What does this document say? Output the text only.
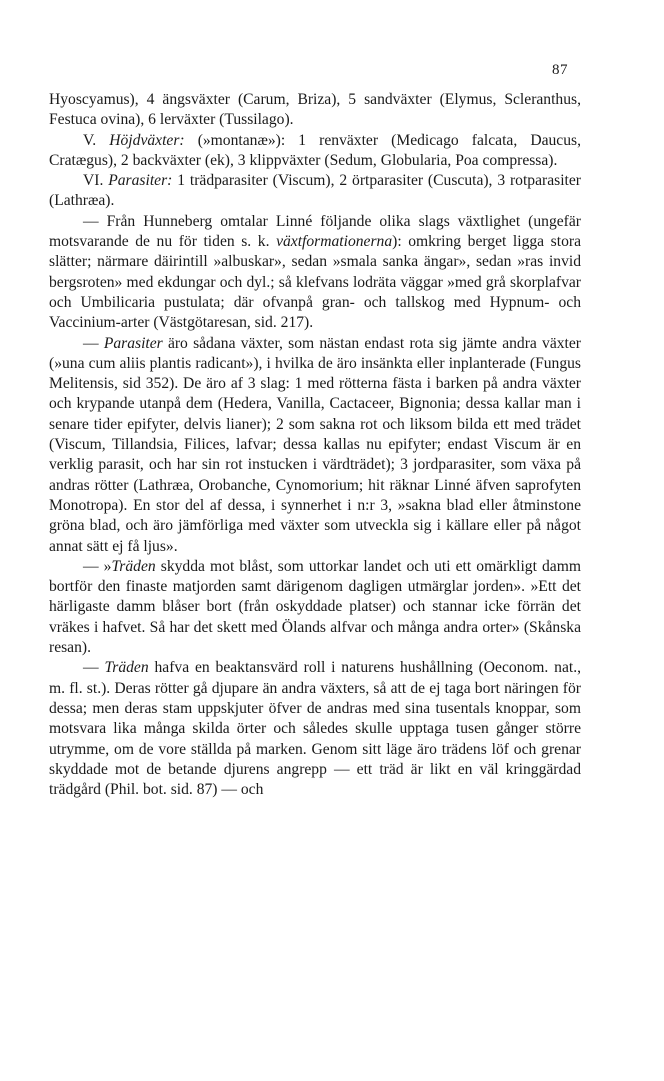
87

Hyoscyamus), 4 ängsväxter (Carum, Briza), 5 sandväxter (Elymus, Scleranthus, Festuca ovina), 6 lerväxter (Tussilago).

V. Höjdväxter: (»montanæ»): 1 renväxter (Medicago falcata, Daucus, Cratægus), 2 backväxter (ek), 3 klippväxter (Sedum, Globularia, Poa compressa).

VI. Parasiter: 1 trädparasiter (Viscum), 2 örtparasiter (Cuscuta), 3 rotparasiter (Lathræa).

— Från Hunneberg omtalar Linné följande olika slags växtlighet (ungefär motsvarande de nu för tiden s. k. växtformationerna): omkring berget ligga stora slätter; närmare däirintill »albuskar», sedan »smala sanka ängar», sedan »ras invid bergsroten» med ekdungar och dyl.; så klefvans lodräta väggar »med grå skorplafvar och Umbilicaria pustulata; där ofvanpå gran- och tallskog med Hypnum- och Vaccinium-arter (Västgötaresan, sid. 217).

— Parasiter äro sådana växter, som nästan endast rota sig jämte andra växter (»una cum aliis plantis radicant»), i hvilka de äro insänkta eller inplanterade (Fungus Melitensis, sid 352). De äro af 3 slag: 1 med rötterna fästa i barken på andra växter och krypande utanpå dem (Hedera, Vanilla, Cactaceer, Bignonia; dessa kallar man i senare tider epifyter, delvis lianer); 2 som sakna rot och liksom bilda ett med trädet (Viscum, Tillandsia, Filices, lafvar; dessa kallas nu epifyter; endast Viscum är en verklig parasit, och har sin rot instucken i värdträdet); 3 jordparasiter, som växa på andras rötter (Lathræa, Orobanche, Cynomorium; hit räknar Linné äfven saprofyten Monotropa). En stor del af dessa, i synnerhet i n:r 3, »sakna blad eller åtminstone gröna blad, och äro jämförliga med växter som utveckla sig i källare eller på något annat sätt ej få ljus».

— »Träden skydda mot blåst, som uttorkar landet och uti ett omärkligt damm bortför den finaste matjorden samt därigenom dagligen utmärglar jorden». »Ett det härligaste damm blåser bort (från oskyddade platser) och stannar icke förrän det vräkes i hafvet. Så har det skett med Ölands alfvar och många andra orter» (Skånska resan).

— Träden hafva en beaktansvärd roll i naturens hushållning (Oeconom. nat., m. fl. st.). Deras rötter gå djupare än andra växters, så att de ej taga bort näringen för dessa; men deras stam uppskjuter öfver de andras med sina tusentals knoppar, som motsvara lika många skilda örter och således skulle upptaga tusen gånger större utrymme, om de vore ställda på marken. Genom sitt läge äro trädens löf och grenar skyddade mot de betande djurens angrepp — ett träd är likt en väl kringgärdad trädgård (Phil. bot. sid. 87) — och
